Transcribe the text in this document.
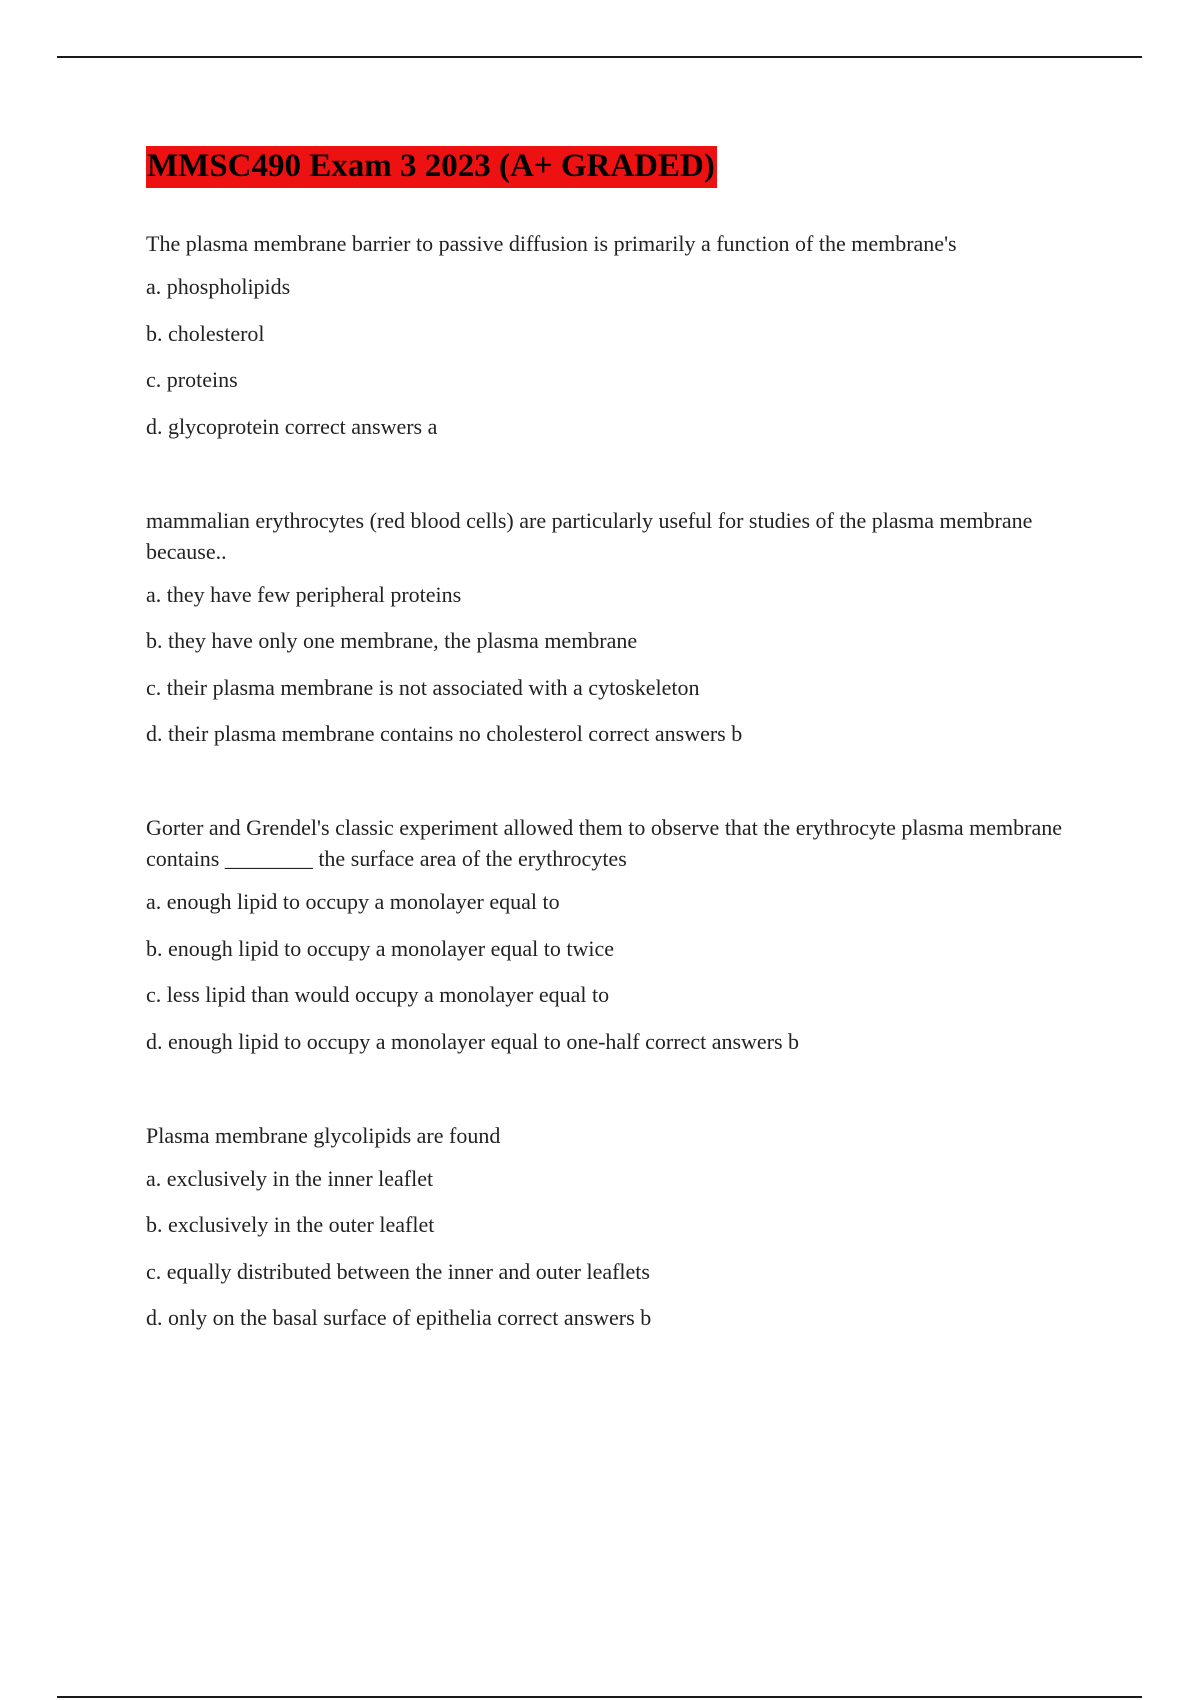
MMSC490 Exam 3 2023 (A+ GRADED)
The plasma membrane barrier to passive diffusion is primarily a function of the membrane's
a. phospholipids
b. cholesterol
c. proteins
d. glycoprotein correct answers a
mammalian erythrocytes (red blood cells) are particularly useful for studies of the plasma membrane because..
a. they have few peripheral proteins
b. they have only one membrane, the plasma membrane
c. their plasma membrane is not associated with a cytoskeleton
d. their plasma membrane contains no cholesterol correct answers b
Gorter and Grendel's classic experiment allowed them to observe that the erythrocyte plasma membrane contains ________ the surface area of the erythrocytes
a. enough lipid to occupy a monolayer equal to
b. enough lipid to occupy a monolayer equal to twice
c. less lipid than would occupy a monolayer equal to
d. enough lipid to occupy a monolayer equal to one-half correct answers b
Plasma membrane glycolipids are found
a. exclusively in the inner leaflet
b. exclusively in the outer leaflet
c. equally distributed between the inner and outer leaflets
d. only on the basal surface of epithelia correct answers b
